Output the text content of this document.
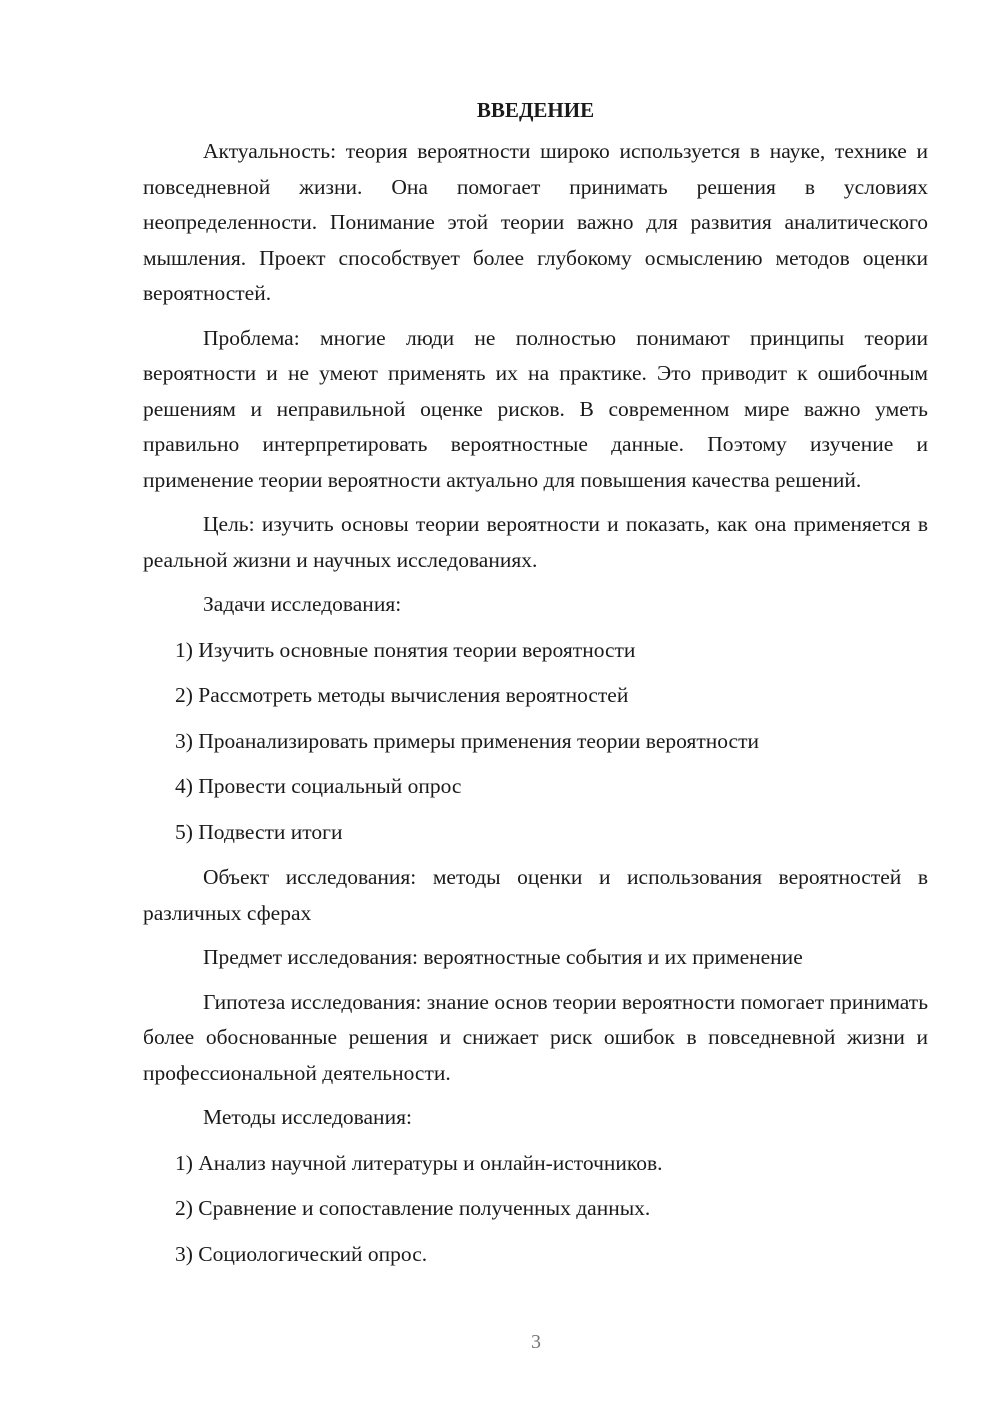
ВВЕДЕНИЕ

Актуальность: теория вероятности широко используется в науке, технике и повседневной жизни. Она помогает принимать решения в условиях неопределенности. Понимание этой теории важно для развития аналитического мышления. Проект способствует более глубокому осмыслению методов оценки вероятностей.

Проблема: многие люди не полностью понимают принципы теории вероятности и не умеют применять их на практике. Это приводит к ошибочным решениям и неправильной оценке рисков. В современном мире важно уметь правильно интерпретировать вероятностные данные. Поэтому изучение и применение теории вероятности актуально для повышения качества решений.

Цель: изучить основы теории вероятности и показать, как она применяется в реальной жизни и научных исследованиях.

Задачи исследования:

1) Изучить основные понятия теории вероятности
2) Рассмотреть методы вычисления вероятностей
3) Проанализировать примеры применения теории вероятности
4) Провести социальный опрос
5) Подвести итоги

Объект исследования: методы оценки и использования вероятностей в различных сферах

Предмет исследования: вероятностные события и их применение

Гипотеза исследования: знание основ теории вероятности помогает принимать более обоснованные решения и снижает риск ошибок в повседневной жизни и профессиональной деятельности.

Методы исследования:

1) Анализ научной литературы и онлайн-источников.
2) Сравнение и сопоставление полученных данных.
3) Социологический опрос.
3
